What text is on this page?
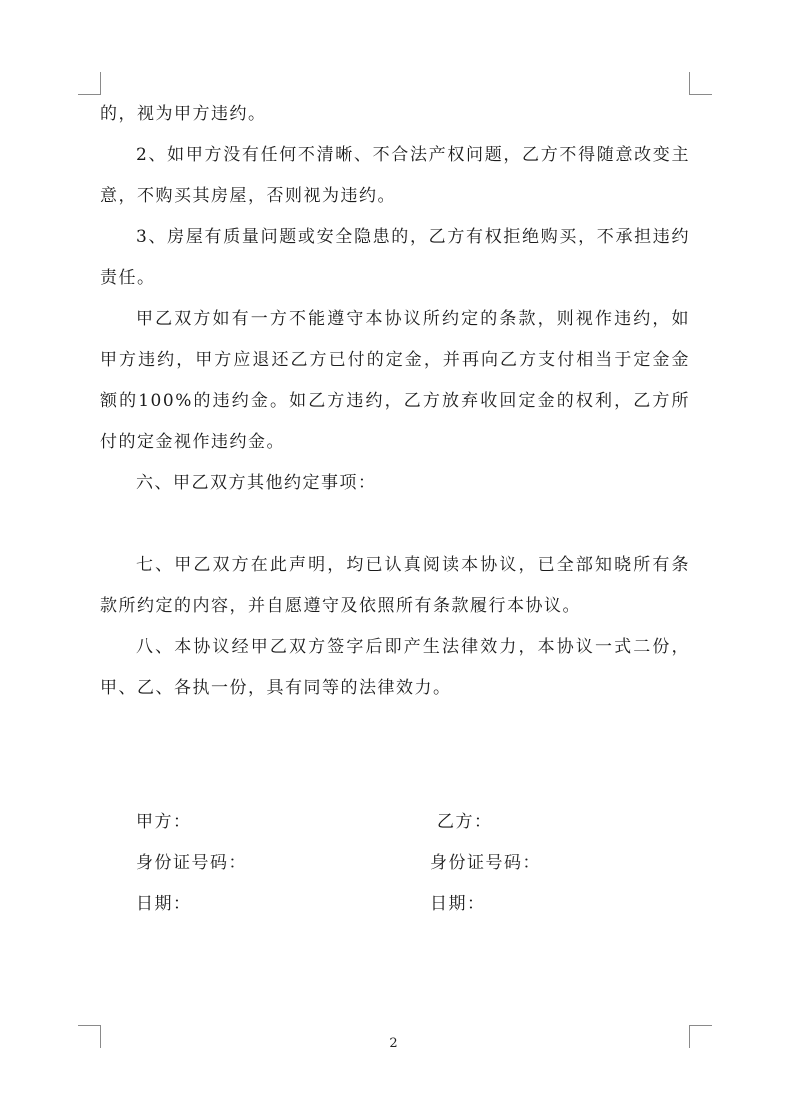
的，视为甲方违约。

2、如甲方没有任何不清晰、不合法产权问题，乙方不得随意改变主意，不购买其房屋，否则视为违约。

3、房屋有质量问题或安全隐患的，乙方有权拒绝购买，不承担违约责任。

甲乙双方如有一方不能遵守本协议所约定的条款，则视作违约，如甲方违约，甲方应退还乙方已付的定金，并再向乙方支付相当于定金金额的100%的违约金。如乙方违约，乙方放弃收回定金的权利，乙方所付的定金视作违约金。

六、甲乙双方其他约定事项：

七、甲乙双方在此声明，均已认真阅读本协议，已全部知晓所有条款所约定的内容，并自愿遵守及依照所有条款履行本协议。

八、本协议经甲乙双方签字后即产生法律效力，本协议一式二份，甲、乙、各执一份，具有同等的法律效力。

甲方：	乙方：
身份证号码：	身份证号码：
日期：	日期：
2
